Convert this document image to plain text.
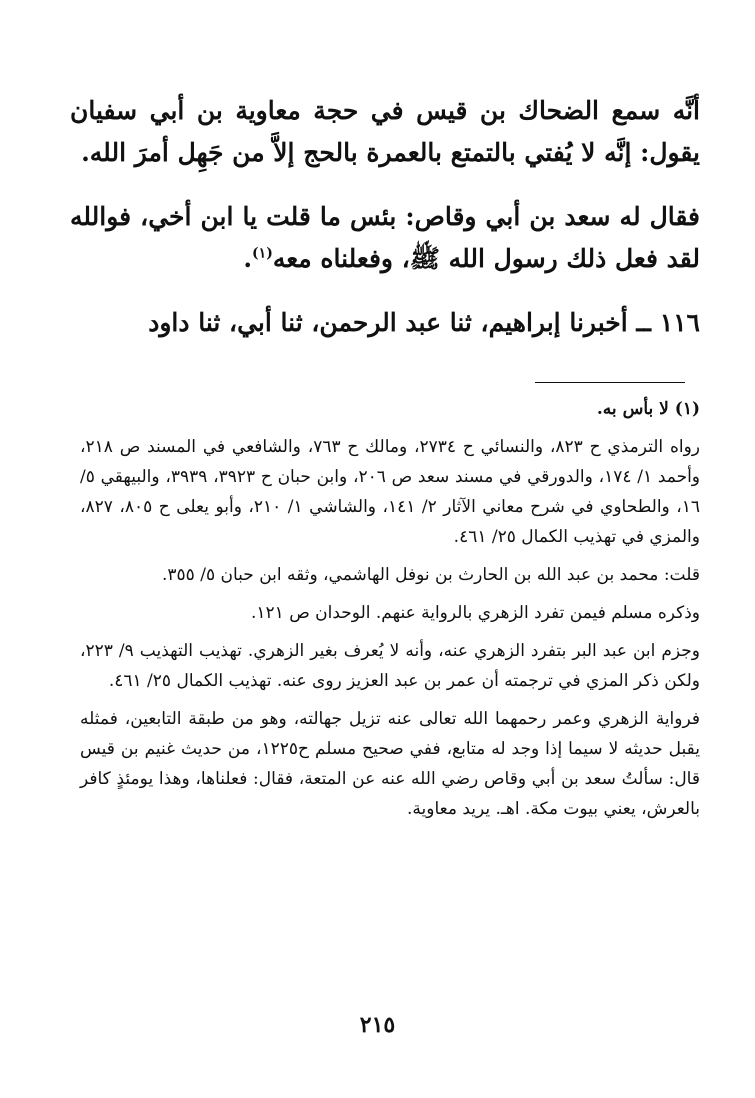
أنَّه سمع الضحاك بن قيس في حجة معاوية بن أبي سفيان يقول: إنَّه لا يُفتي بالتمتع بالعمرة بالحج إلاَّ من جَهِل أمرَ الله.

فقال له سعد بن أبي وقاص: بئس ما قلت يا ابن أخي، فوالله لقد فعل ذلك رسول الله ﷺ، وفعلناه معه$^{(١)}$.

١١٦ ــ أخبرنا إبراهيم، ثنا عبد الرحمن، ثنا أبي، ثنا داود

(١) لا بأس به.

رواه الترمذي ح ٨٢٣، والنسائي ح ٢٧٣٤، ومالك ح ٧٦٣، والشافعي في المسند ص ٢١٨، وأحمد ١/ ١٧٤، والدورقي في مسند سعد ص ٢٠٦، وابن حبان ح ٣٩٢٣، ٣٩٣٩، والبيهقي ٥/ ١٦، والطحاوي في شرح معاني الآثار ٢/ ١٤١، والشاشي ١/ ٢١٠، وأبو يعلى ح ٨٠٥، ٨٢٧، والمزي في تهذيب الكمال ٢٥/ ٤٦١.

قلت: محمد بن عبد الله بن الحارث بن نوفل الهاشمي، وثقه ابن حبان ٥/ ٣٥٥.

وذكره مسلم فيمن تفرد الزهري بالرواية عنهم. الوحدان ص ١٢١.

وجزم ابن عبد البر بتفرد الزهري عنه، وأنه لا يُعرف بغير الزهري. تهذيب التهذيب ٩/ ٢٢٣، ولكن ذكر المزي في ترجمته أن عمر بن عبد العزيز روى عنه. تهذيب الكمال ٢٥/ ٤٦١.

فرواية الزهري وعمر رحمهما الله تعالى عنه تزيل جهالته، وهو من طبقة التابعين، فمثله يقبل حديثه لا سيما إذا وجد له متابع، ففي صحيح مسلم ح١٢٢٥، من حديث غنيم بن قيس قال: سألتُ سعد بن أبي وقاص رضي الله عنه عن المتعة، فقال: فعلناها، وهذا يومئذٍ كافر بالعرش، يعني بيوت مكة. اهـ. يريد معاوية.

٢١٥
